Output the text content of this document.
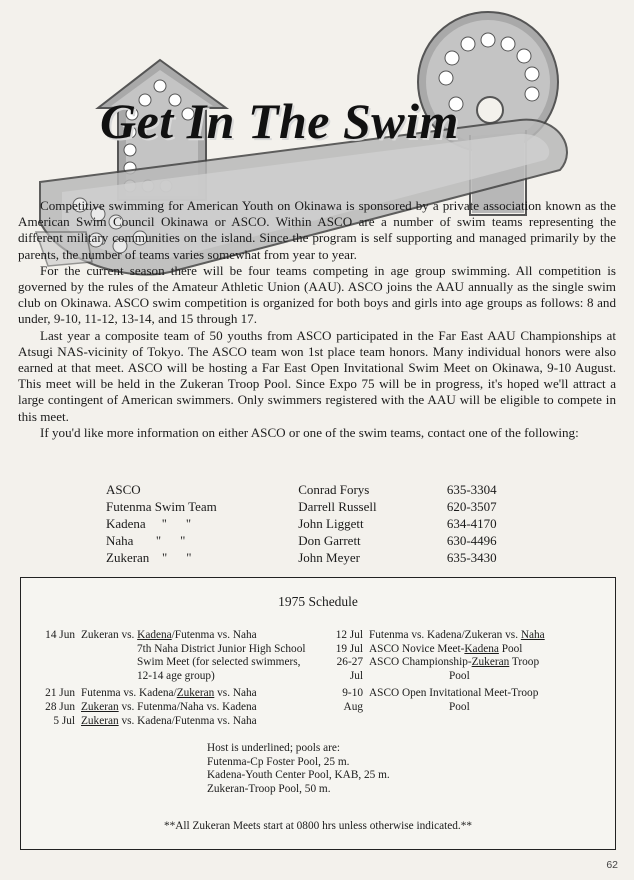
Get In The Swim

Competitive swimming for American Youth on Okinawa is sponsored by a private association known as the American Swim Council Okinawa or ASCO. Within ASCO are a number of swim teams representing the different military communities on the island. Since the program is self supporting and managed primarily by the parents, the number of teams varies somewhat from year to year.

For the current season there will be four teams competing in age group swimming. All competition is governed by the rules of the Amateur Athletic Union (AAU). ASCO joins the AAU annually as the single swim club on Okinawa. ASCO swim competition is organized for both boys and girls into age groups as follows: 8 and under, 9-10, 11-12, 13-14, and 15 through 17.

Last year a composite team of 50 youths from ASCO participated in the Far East AAU Championships at Atsugi NAS-vicinity of Tokyo. The ASCO team won 1st place team honors. Many individual honors were also earned at that meet. ASCO will be hosting a Far East Open Invitational Swim Meet on Okinawa, 9-10 August. This meet will be held in the Zukeran Troop Pool. Since Expo 75 will be in progress, it's hoped we'll attract a large contingent of American swimmers. Only swimmers registered with the AAU will be eligible to compete in this meet.

If you'd like more information on either ASCO or one of the swim teams, contact one of the following:

ASCO	Conrad Forys	635-3304
Futenma Swim Team	Darrell Russell	620-3507
Kadena     ''      ''	John Liggett	634-4170
Naha       ''      ''	Don Garrett	630-4496
Zukeran    ''      ''	John Meyer	635-3430
1975 Schedule
14 Jun Zukeran vs. Kadena/Futenma vs. Naha
7th Naha District Junior High School
Swim Meet (for selected swimmers,
12-14 age group)
21 Jun Futenma vs. Kadena/Zukeran vs. Naha
28 Jun Zukeran vs. Futenma/Naha vs. Kadena
5 Jul Zukeran vs. Kadena/Futenma vs. Naha
12 Jul Futenma vs. Kadena/Zukeran vs. Naha
19 Jul ASCO Novice Meet-Kadena Pool
26-27 Jul
ASCO Championship-Zukeran Troop
Pool
9-10 Aug
ASCO Open Invitational Meet-Troop
Pool
Host is underlined; pools are:
Futenma-Cp Foster Pool, 25 m.
Kadena-Youth Center Pool, KAB, 25 m.
Zukeran-Troop Pool, 50 m.
**All Zukeran Meets start at 0800 hrs unless otherwise indicated.**
62
